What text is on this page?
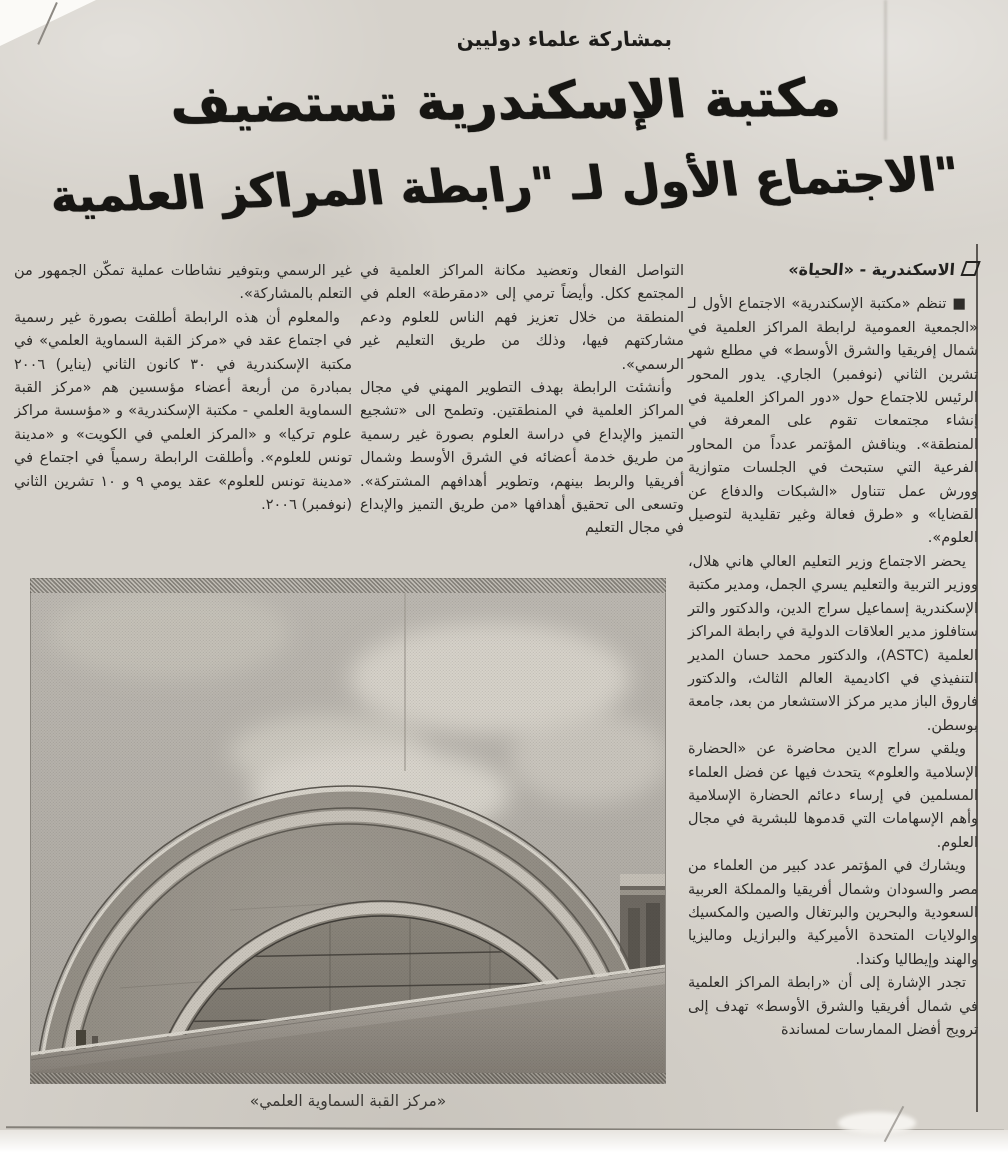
بمشاركة علماء دوليين
مكتبة الإسكندرية تستضيف
الاجتماع الأول لـ "رابطة المراكز العلمية"
الاسكندرية - «الحياة»

■ تنظم «مكتبة الإسكندرية» الاجتماع الأول لـ «الجمعية العمومية لرابطة المراكز العلمية في شمال إفريقيا والشرق الأوسط» في مطلع شهر تشرين الثاني (نوفمبر) الجاري. يدور المحور الرئيس للاجتماع حول «دور المراكز العلمية في إنشاء مجتمعات تقوم على المعرفة في المنطقة». ويناقش المؤتمر عدداً من المحاور الفرعية التي ستبحث في الجلسات متوازية وورش عمل تتناول «الشبكات والدفاع عن القضايا» و «طرق فعالة وغير تقليدية لتوصيل العلوم».

يحضر الاجتماع وزير التعليم العالي هاني هلال، ووزير التربية والتعليم يسري الجمل، ومدير مكتبة الإسكندرية إسماعيل سراج الدين، والدكتور والتر ستافلوز مدير العلاقات الدولية في رابطة المراكز العلمية (ASTC)، والدكتور محمد حسان المدير التنفيذي في اكاديمية العالم الثالث، والدكتور فاروق الباز مدير مركز الاستشعار من بعد، جامعة بوسطن.

ويلقي سراج الدين محاضرة عن «الحضارة الإسلامية والعلوم» يتحدث فيها عن فضل العلماء المسلمين في إرساء دعائم الحضارة الإسلامية وأهم الإسهامات التي قدموها للبشرية في مجال العلوم.

ويشارك في المؤتمر عدد كبير من العلماء من مصر والسودان وشمال أفريقيا والمملكة العربية السعودية والبحرين والبرتغال والصين والمكسيك والولايات المتحدة الأميركية والبرازيل وماليزيا والهند وإيطاليا وكندا.

تجدر الإشارة إلى أن «رابطة المراكز العلمية في شمال أفريقيا والشرق الأوسط» تهدف إلى ترويج أفضل الممارسات لمساندة

التواصل الفعال وتعضيد مكانة المراكز العلمية في المجتمع ككل. وأيضاً ترمي إلى «دمقرطة» العلم في المنطقة من خلال تعزيز فهم الناس للعلوم ودعم مشاركتهم فيها، وذلك من طريق التعليم غير الرسمي».

وأنشئت الرابطة بهدف التطوير المهني في مجال المراكز العلمية في المنطقتين. وتطمح الى «تشجيع التميز والإبداع في دراسة العلوم بصورة غير رسمية من طريق خدمة أعضائه في الشرق الأوسط وشمال أفريقيا والربط بينهم، وتطوير أهدافهم المشتركة». وتسعى الى تحقيق أهدافها «من طريق التميز والإبداع في مجال التعليم

غير الرسمي وبتوفير نشاطات عملية تمكّن الجمهور من التعلم بالمشاركة».

والمعلوم أن هذه الرابطة أطلقت بصورة غير رسمية في اجتماع عقد في «مركز القبة السماوية العلمي» في مكتبة الإسكندرية في ٣٠ كانون الثاني (يناير) ٢٠٠٦ بمبادرة من أربعة أعضاء مؤسسين هم «مركز القبة السماوية العلمي - مكتبة الإسكندرية» و «مؤسسة مراكز علوم تركيا» و «المركز العلمي في الكويت» و «مدينة تونس للعلوم». وأطلقت الرابطة رسمياً في اجتماع في «مدينة تونس للعلوم» عقد يومي ٩ و ١٠ تشرين الثاني (نوفمبر) ٢٠٠٦.

«مركز القبة السماوية العلمي»
